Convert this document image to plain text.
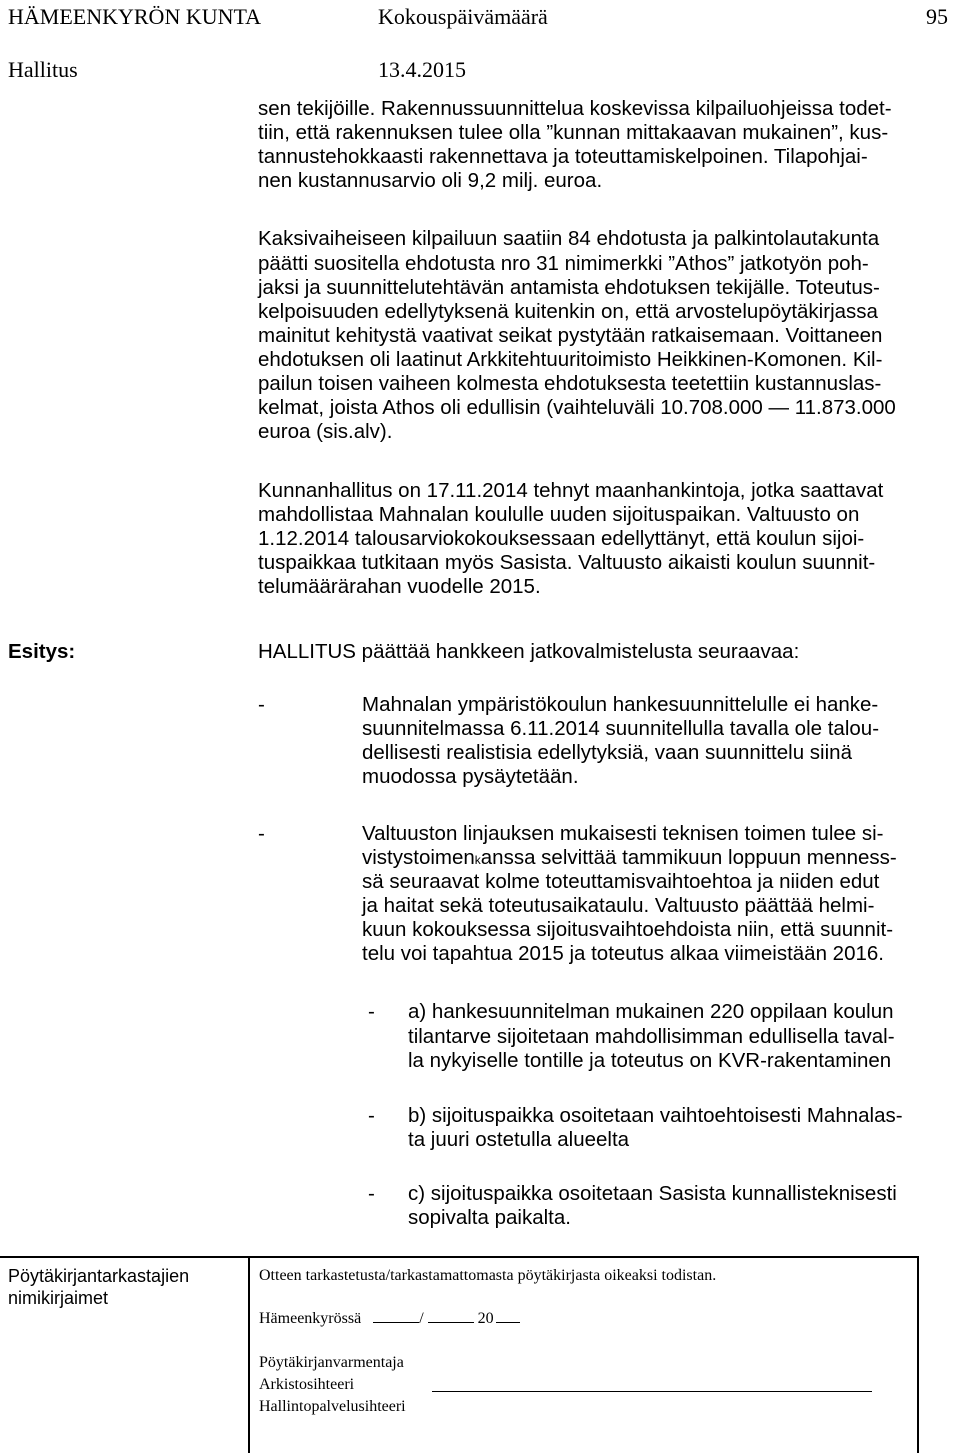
HÄMEENKYRÖN KUNTA	Kokouspäivämäärä	95
Hallitus	13.4.2015
sen tekijöille. Rakennussuunnittelua koskevissa kilpailuohjeissa todet-
tiin, että rakennuksen tulee olla ”kunnan mittakaavan mukainen”, kus-
tannustehokkaasti rakennettava ja toteuttamiskelpoinen. Tilapohjai-
nen kustannusarvio oli 9,2 milj. euroa.
Kaksivaiheiseen kilpailuun saatiin 84 ehdotusta ja palkintolautakunta
päätti suositella ehdotusta nro 31 nimimerkki ”Athos” jatkotyön poh-
jaksi ja suunnittelutehtävän antamista ehdotuksen tekijälle. Toteutus-
kelpoisuuden edellytyksenä kuitenkin on, että arvostelupöytäkirjassa
mainitut kehitystä vaativat seikat pystytään ratkaisemaan. Voittaneen
ehdotuksen oli laatinut Arkkitehtuuritoimisto Heikkinen-Komonen. Kil-
pailun toisen vaiheen kolmesta ehdotuksesta teetettiin kustannuslas-
kelmat, joista Athos oli edullisin (vaihteluväli 10.708.000 — 11.873.000
euroa (sis.alv).
Kunnanhallitus on 17.11.2014 tehnyt maanhankintoja, jotka saattavat
mahdollistaa Mahnalan koululle uuden sijoituspaikan. Valtuusto on
1.12.2014 talousarviokokouksessaan edellyttänyt, että koulun sijoi-
tuspaikkaa tutkitaan myös Sasista. Valtuusto aikaisti koulun suunnit-
telumäärärahan vuodelle 2015.
Esitys:	HALLITUS päättää hankkeen jatkovalmistelusta seuraavaa:
-	Mahnalan ympäristökoulun hankesuunnittelulle ei hanke-
suunnitelmassa 6.11.2014 suunnitellulla tavalla ole talou-
dellisesti realistisia edellytyksiä, vaan suunnittelu siinä
muodossa pysäytetään.
-	Valtuuston linjauksen mukaisesti teknisen toimen tulee si-
vistystoimenkanssa selvittää tammikuun loppuun menness-
sä seuraavat kolme toteuttamisvaihtoehtoa ja niiden edut
ja haitat sekä toteutusaikataulu. Valtuusto päättää helmi-
kuun kokouksessa sijoitusvaihtoehdoista niin, että suunnit-
telu voi tapahtua 2015 ja toteutus alkaa viimeistään 2016.
- a) hankesuunnitelman mukainen 220 oppilaan koulun
tilantarve sijoitetaan mahdollisimman edullisella taval-
la nykyiselle tontille ja toteutus on KVR-rakentaminen
- b) sijoituspaikka osoitetaan vaihtoehtoisesti Mahnalas-
ta juuri ostetulla alueelta
- c) sijoituspaikka osoitetaan Sasista kunnallisteknisesti
sopivalta paikalta.
Pöytäkirjantarkastajien
nimikirjaimet
Otteen tarkastetusta/tarkastamattomasta pöytäkirjasta oikeaksi todistan.
Hämeenkyrössä	/	20
Pöytäkirjanvarmentaja
Arkistosihteeri
Hallintopalvelusihteeri
